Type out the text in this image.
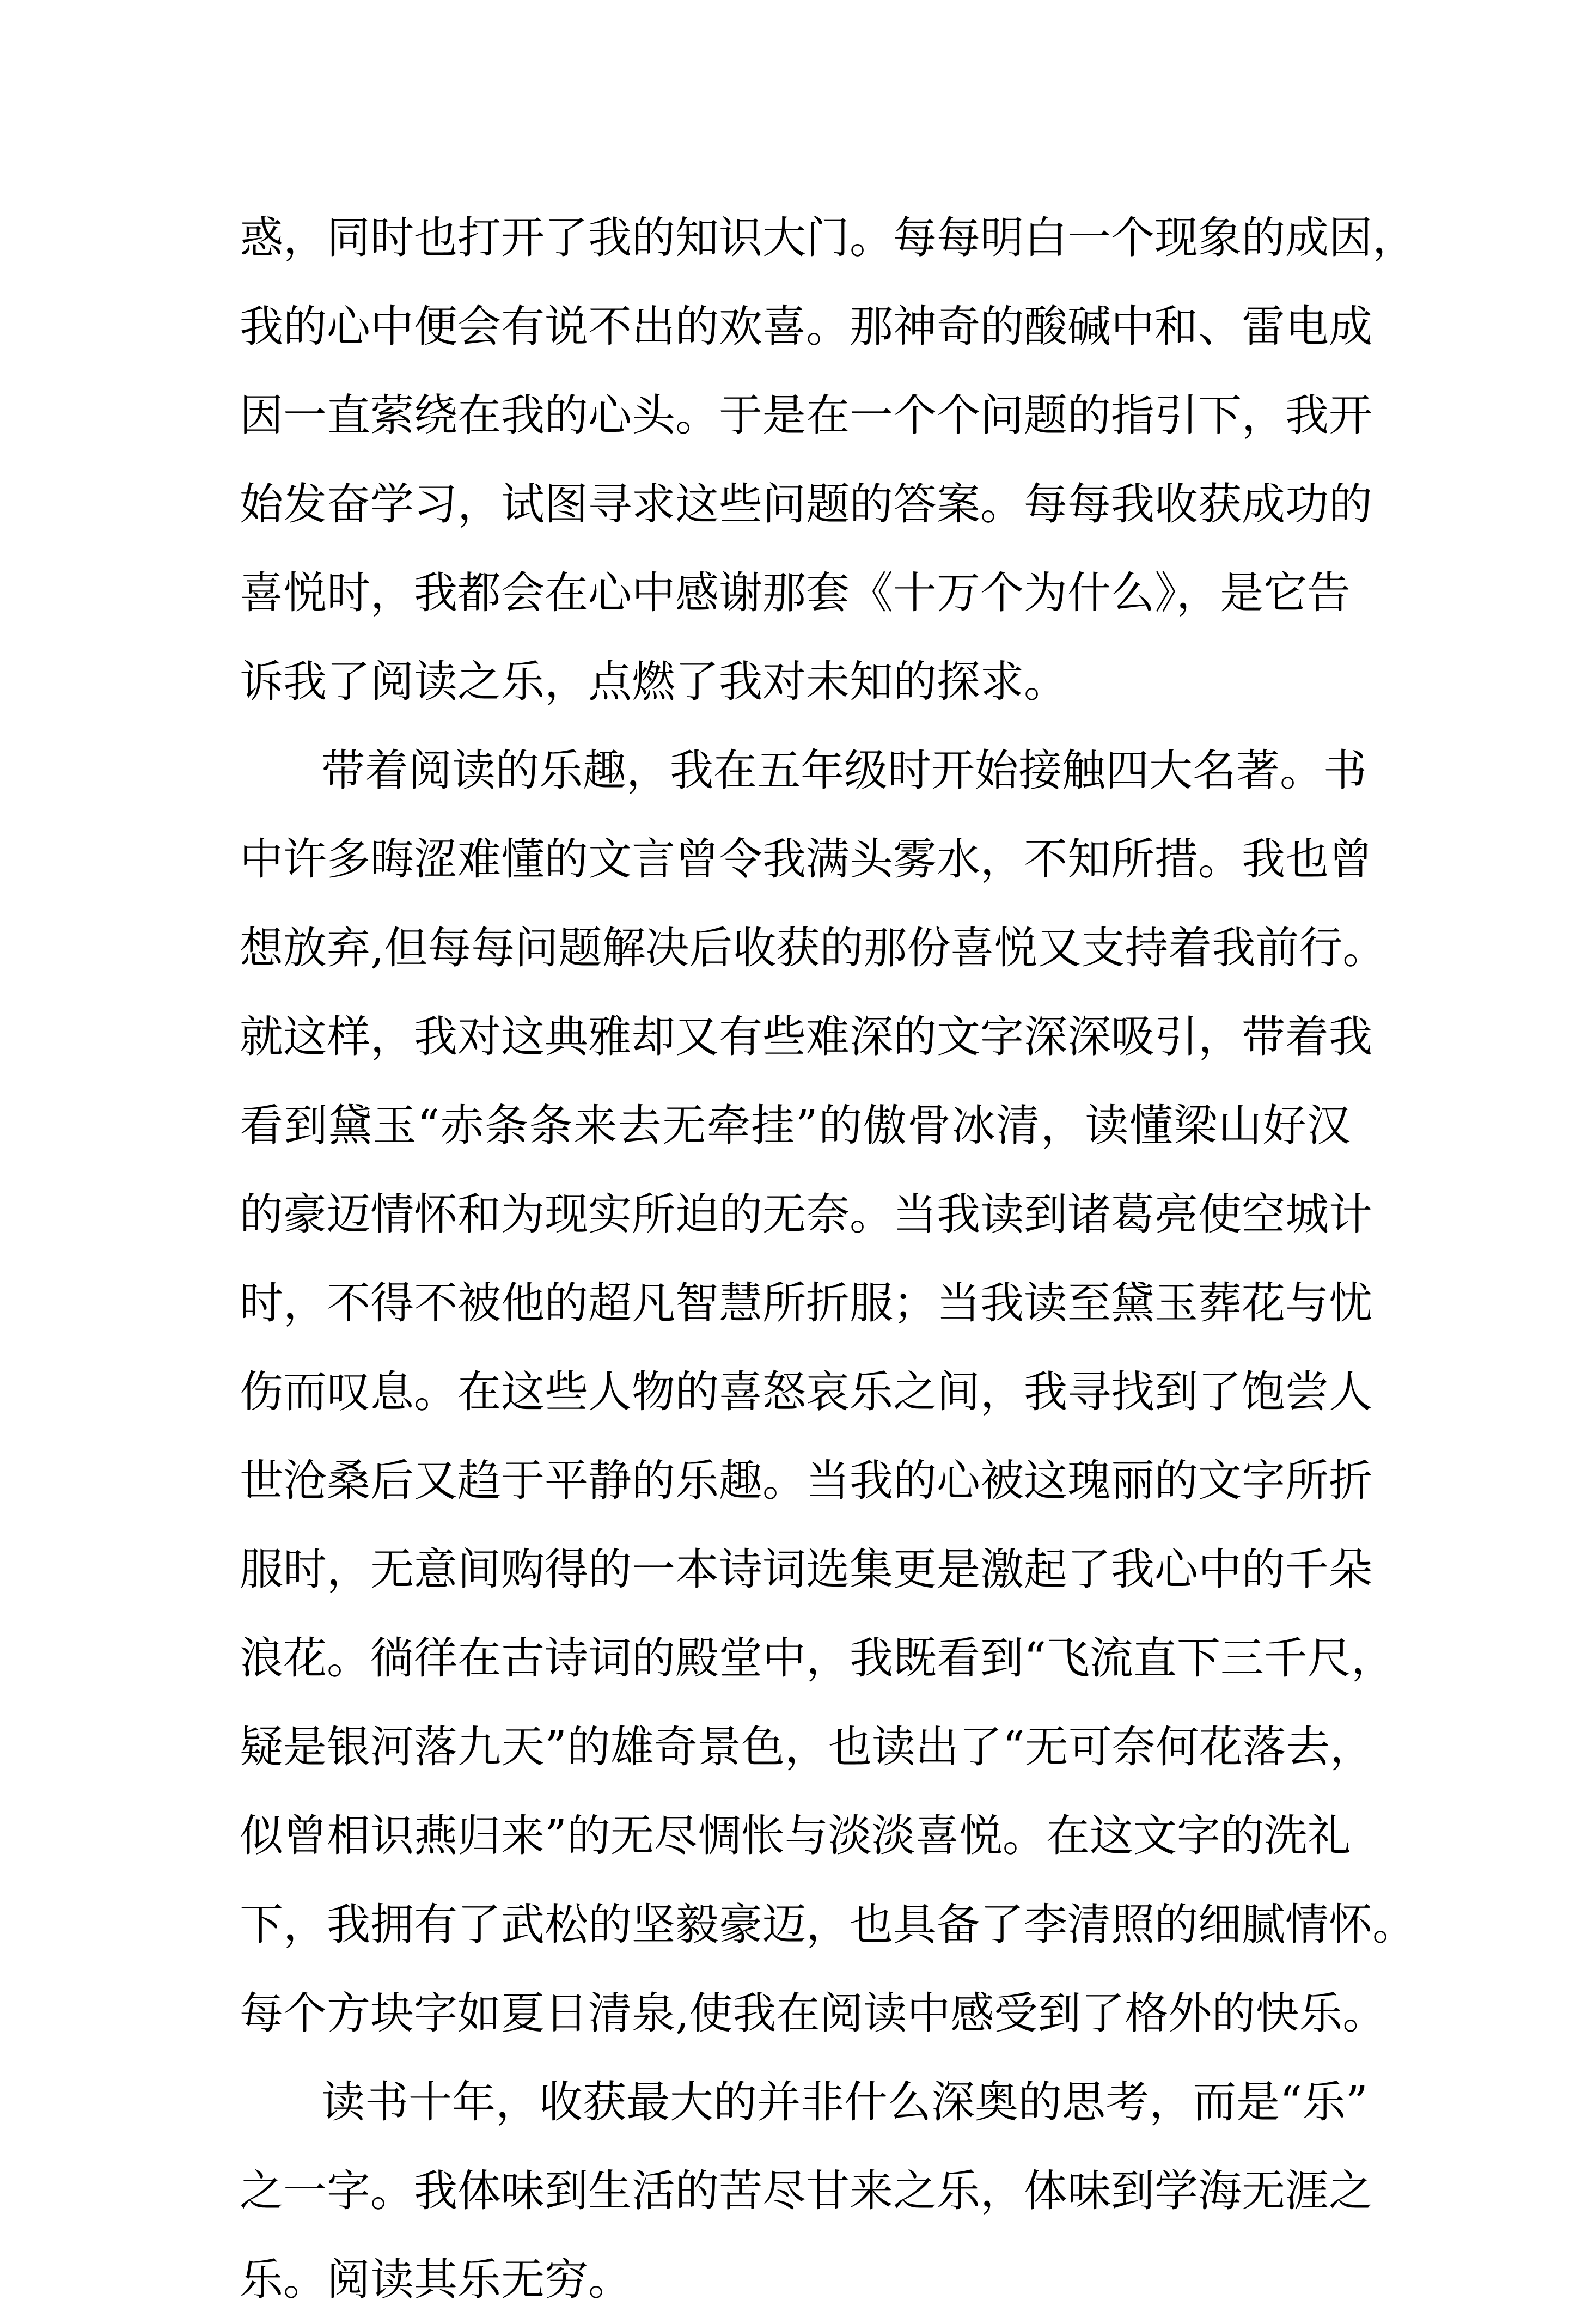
惑，同时也打开了我的知识大门。每每明白一个现象的成因，
我的心中便会有说不出的欢喜。那神奇的酸碱中和、雷电成
因一直萦绕在我的心头。于是在一个个问题的指引下，我开
始发奋学习，试图寻求这些问题的答案。每每我收获成功的
喜悦时，我都会在心中感谢那套《十万个为什么》，是它告
诉我了阅读之乐，点燃了我对未知的探求。
带着阅读的乐趣，我在五年级时开始接触四大名著。书
中许多晦涩难懂的文言曾令我满头雾水，不知所措。我也曾
想放弃,但每每问题解决后收获的那份喜悦又支持着我前行。
就这样，我对这典雅却又有些难深的文字深深吸引，带着我
看到黛玉“赤条条来去无牵挂”的傲骨冰清，读懂梁山好汉
的豪迈情怀和为现实所迫的无奈。当我读到诸葛亮使空城计
时，不得不被他的超凡智慧所折服；当我读至黛玉葬花与忧
伤而叹息。在这些人物的喜怒哀乐之间，我寻找到了饱尝人
世沧桑后又趋于平静的乐趣。当我的心被这瑰丽的文字所折
服时，无意间购得的一本诗词选集更是激起了我心中的千朵
浪花。徜徉在古诗词的殿堂中，我既看到“飞流直下三千尺，
疑是银河落九天”的雄奇景色，也读出了“无可奈何花落去，
似曾相识燕归来”的无尽惆怅与淡淡喜悦。在这文字的洗礼
下，我拥有了武松的坚毅豪迈，也具备了李清照的细腻情怀。
每个方块字如夏日清泉,使我在阅读中感受到了格外的快乐。
读书十年，收获最大的并非什么深奥的思考，而是“乐”
之一字。我体味到生活的苦尽甘来之乐，体味到学海无涯之
乐。阅读其乐无穷。
